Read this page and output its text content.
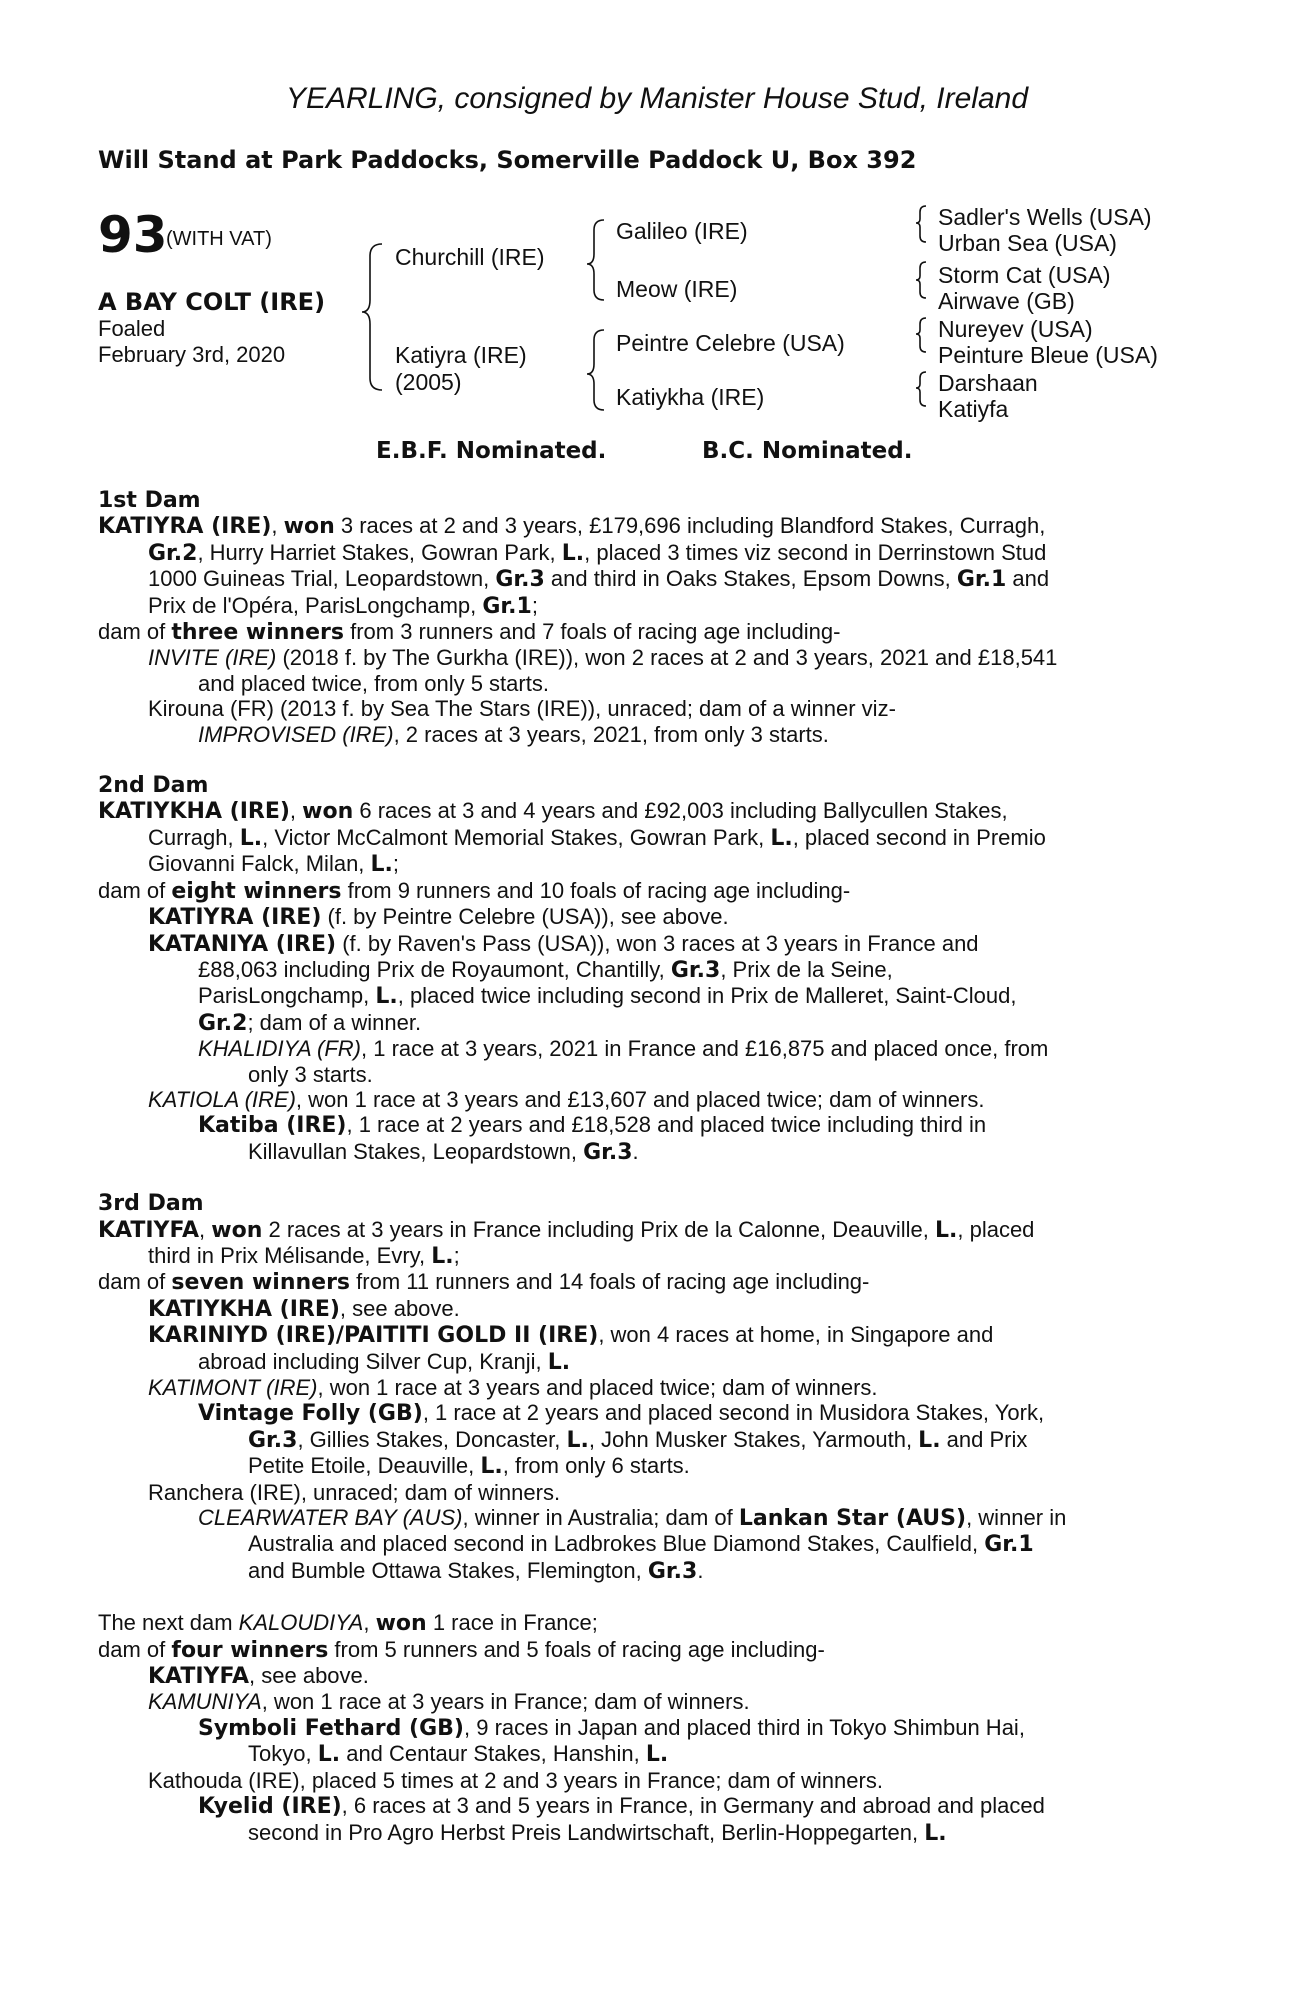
YEARLING, consigned by Manister House Stud, Ireland
Will Stand at Park Paddocks, Somerville Paddock U, Box 392
93
(WITH VAT)
A BAY COLT (IRE)
Foaled
February 3rd, 2020
Churchill (IRE)
Katiyra (IRE)
(2005)
Galileo (IRE)
Meow (IRE)
Peintre Celebre (USA)
Katiykha (IRE)
Sadler's Wells (USA)
Urban Sea (USA)
Storm Cat (USA)
Airwave (GB)
Nureyev (USA)
Peinture Bleue (USA)
Darshaan
Katiyfa
E.B.F. Nominated.	B.C. Nominated.
1st Dam
KATIYRA (IRE), won 3 races at 2 and 3 years, £179,696 including Blandford Stakes, Curragh,
Gr.2, Hurry Harriet Stakes, Gowran Park, L., placed 3 times viz second in Derrinstown Stud
1000 Guineas Trial, Leopardstown, Gr.3 and third in Oaks Stakes, Epsom Downs, Gr.1 and
Prix de l'Opéra, ParisLongchamp, Gr.1;
dam of three winners from 3 runners and 7 foals of racing age including-
INVITE (IRE) (2018 f. by The Gurkha (IRE)), won 2 races at 2 and 3 years, 2021 and £18,541
and placed twice, from only 5 starts.
Kirouna (FR) (2013 f. by Sea The Stars (IRE)), unraced; dam of a winner viz-
IMPROVISED (IRE), 2 races at 3 years, 2021, from only 3 starts.
2nd Dam
KATIYKHA (IRE), won 6 races at 3 and 4 years and £92,003 including Ballycullen Stakes,
Curragh, L., Victor McCalmont Memorial Stakes, Gowran Park, L., placed second in Premio
Giovanni Falck, Milan, L.;
dam of eight winners from 9 runners and 10 foals of racing age including-
KATIYRA (IRE) (f. by Peintre Celebre (USA)), see above.
KATANIYA (IRE) (f. by Raven's Pass (USA)), won 3 races at 3 years in France and
£88,063 including Prix de Royaumont, Chantilly, Gr.3, Prix de la Seine,
ParisLongchamp, L., placed twice including second in Prix de Malleret, Saint-Cloud,
Gr.2; dam of a winner.
KHALIDIYA (FR), 1 race at 3 years, 2021 in France and £16,875 and placed once, from
only 3 starts.
KATIOLA (IRE), won 1 race at 3 years and £13,607 and placed twice; dam of winners.
Katiba (IRE), 1 race at 2 years and £18,528 and placed twice including third in
Killavullan Stakes, Leopardstown, Gr.3.
3rd Dam
KATIYFA, won 2 races at 3 years in France including Prix de la Calonne, Deauville, L., placed
third in Prix Mélisande, Evry, L.;
dam of seven winners from 11 runners and 14 foals of racing age including-
KATIYKHA (IRE), see above.
KARINIYD (IRE)/PAITITI GOLD II (IRE), won 4 races at home, in Singapore and
abroad including Silver Cup, Kranji, L.
KATIMONT (IRE), won 1 race at 3 years and placed twice; dam of winners.
Vintage Folly (GB), 1 race at 2 years and placed second in Musidora Stakes, York,
Gr.3, Gillies Stakes, Doncaster, L., John Musker Stakes, Yarmouth, L. and Prix
Petite Etoile, Deauville, L., from only 6 starts.
Ranchera (IRE), unraced; dam of winners.
CLEARWATER BAY (AUS), winner in Australia; dam of Lankan Star (AUS), winner in
Australia and placed second in Ladbrokes Blue Diamond Stakes, Caulfield, Gr.1
and Bumble Ottawa Stakes, Flemington, Gr.3.
The next dam KALOUDIYA, won 1 race in France;
dam of four winners from 5 runners and 5 foals of racing age including-
KATIYFA, see above.
KAMUNIYA, won 1 race at 3 years in France; dam of winners.
Symboli Fethard (GB), 9 races in Japan and placed third in Tokyo Shimbun Hai,
Tokyo, L. and Centaur Stakes, Hanshin, L.
Kathouda (IRE), placed 5 times at 2 and 3 years in France; dam of winners.
Kyelid (IRE), 6 races at 3 and 5 years in France, in Germany and abroad and placed
second in Pro Agro Herbst Preis Landwirtschaft, Berlin-Hoppegarten, L.
